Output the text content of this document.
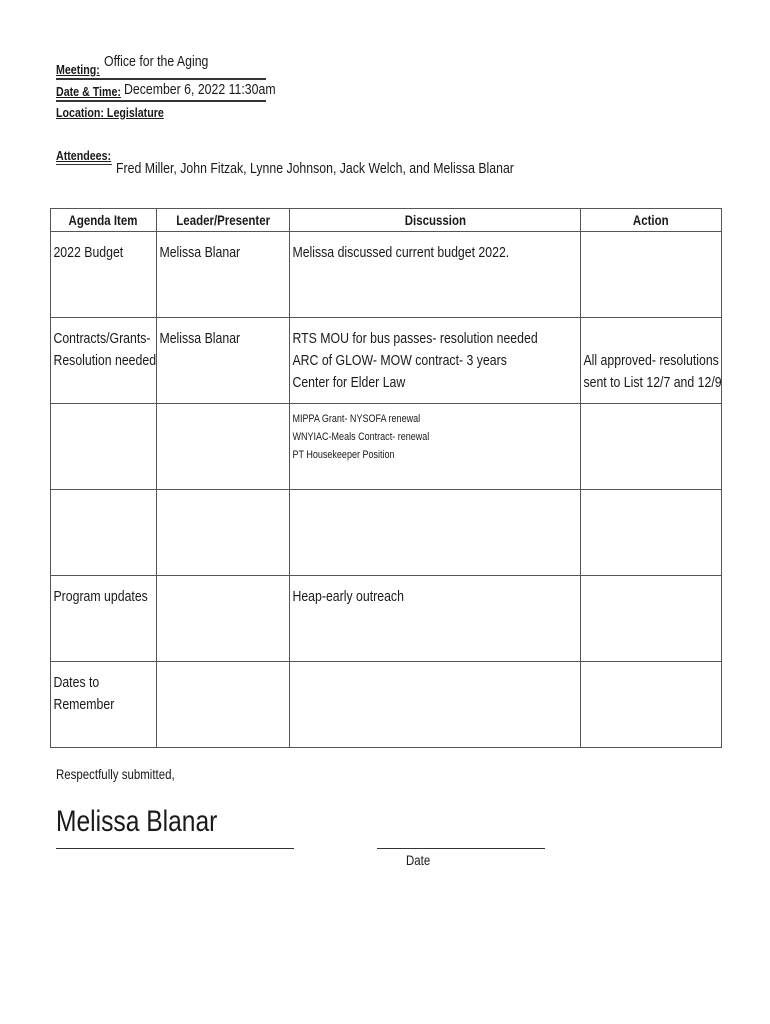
Meeting: Office for the Aging
Date & Time: December 6, 2022 11:30am
Location: Legislature
Attendees:
Fred Miller, John Fitzak, Lynne Johnson, Jack Welch, and Melissa Blanar
Agenda Item	Leader/Presenter	Discussion	Action

2022 Budget	Melissa Blanar	Melissa discussed current budget 2022.	

Contracts/Grants-
Resolution needed	Melissa Blanar	RTS MOU for bus passes- resolution needed
ARC of GLOW- MOW contract- 3 years
Center for Elder Law	All approved- resolutions
sent to List 12/7 and 12/9

		MIPPA Grant- NYSOFA renewal
WNYIAC-Meals Contract- renewal
PT Housekeeper Position	

Program updates		Heap-early outreach	

Dates to
Remember			

Respectfully submitted,
Melissa Blanar
Date
